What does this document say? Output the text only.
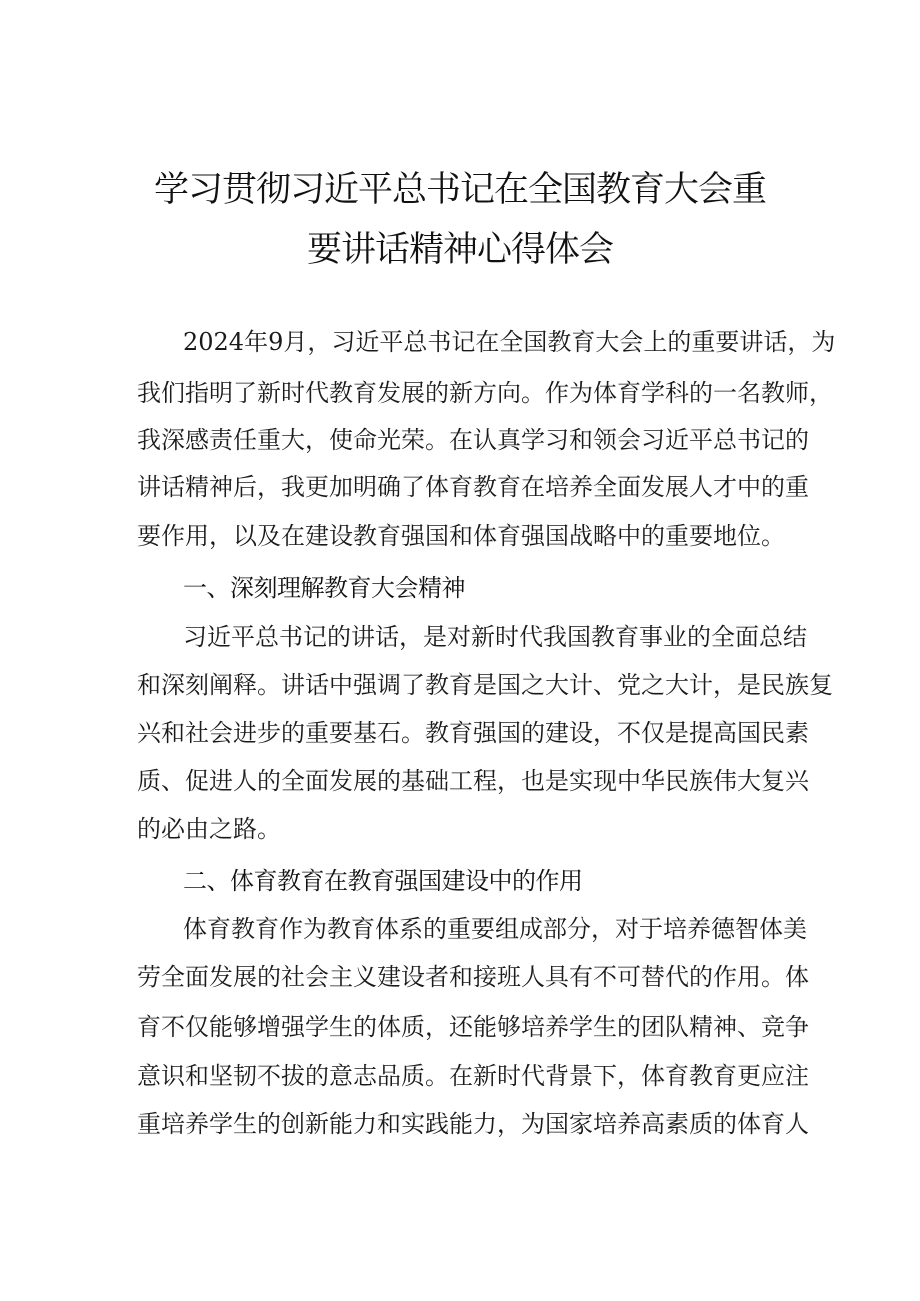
学习贯彻习近平总书记在全国教育大会重
要讲话精神心得体会
2024年9月，习近平总书记在全国教育大会上的重要讲话，为
我们指明了新时代教育发展的新方向。作为体育学科的一名教师，
我深感责任重大，使命光荣。在认真学习和领会习近平总书记的
讲话精神后，我更加明确了体育教育在培养全面发展人才中的重
要作用，以及在建设教育强国和体育强国战略中的重要地位。
一、深刻理解教育大会精神
习近平总书记的讲话，是对新时代我国教育事业的全面总结
和深刻阐释。讲话中强调了教育是国之大计、党之大计，是民族复
兴和社会进步的重要基石。教育强国的建设，不仅是提高国民素
质、促进人的全面发展的基础工程，也是实现中华民族伟大复兴
的必由之路。
二、体育教育在教育强国建设中的作用
体育教育作为教育体系的重要组成部分，对于培养德智体美
劳全面发展的社会主义建设者和接班人具有不可替代的作用。体
育不仅能够增强学生的体质，还能够培养学生的团队精神、竞争
意识和坚韧不拔的意志品质。在新时代背景下，体育教育更应注
重培养学生的创新能力和实践能力，为国家培养高素质的体育人
